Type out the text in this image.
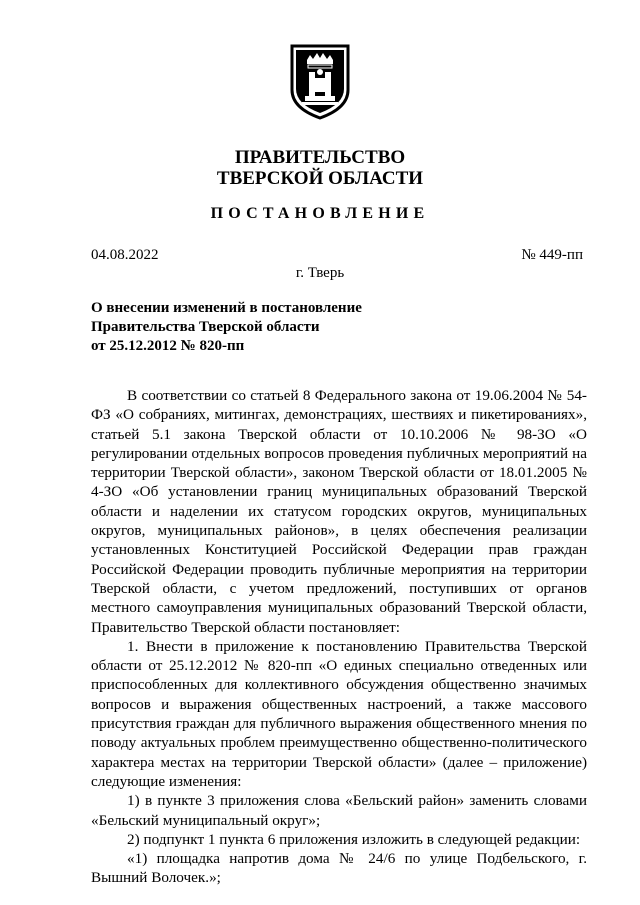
ПРАВИТЕЛЬСТВО
ТВЕРСКОЙ ОБЛАСТИ
ПОСТАНОВЛЕНИЕ
04.08.2022	№ 449-пп
г. Тверь
О внесении изменений в постановление
Правительства Тверской области
от 25.12.2012 № 820-пп

В соответствии со статьей 8 Федерального закона от 19.06.2004 № 54-ФЗ «О собраниях, митингах, демонстрациях, шествиях и пикетированиях», статьей 5.1 закона Тверской области от 10.10.2006 № 98-ЗО «О регулировании отдельных вопросов проведения публичных мероприятий на территории Тверской области», законом Тверской области от 18.01.2005 № 4-ЗО «Об установлении границ муниципальных образований Тверской области и наделении их статусом городских округов, муниципальных округов, муниципальных районов», в целях обеспечения реализации установленных Конституцией Российской Федерации прав граждан Российской Федерации проводить публичные мероприятия на территории Тверской области, с учетом предложений, поступивших от органов местного самоуправления муниципальных образований Тверской области, Правительство Тверской области постановляет:

1. Внести в приложение к постановлению Правительства Тверской области от 25.12.2012 № 820-пп «О единых специально отведенных или приспособленных для коллективного обсуждения общественно значимых вопросов и выражения общественных настроений, а также массового присутствия граждан для публичного выражения общественного мнения по поводу актуальных проблем преимущественно общественно-политического характера местах на территории Тверской области» (далее – приложение) следующие изменения:

1) в пункте 3 приложения слова «Бельский район» заменить словами «Бельский муниципальный округ»;

2) подпункт 1 пункта 6 приложения изложить в следующей редакции:

«1) площадка напротив дома № 24/6 по улице Подбельского, г. Вышний Волочек.»;
